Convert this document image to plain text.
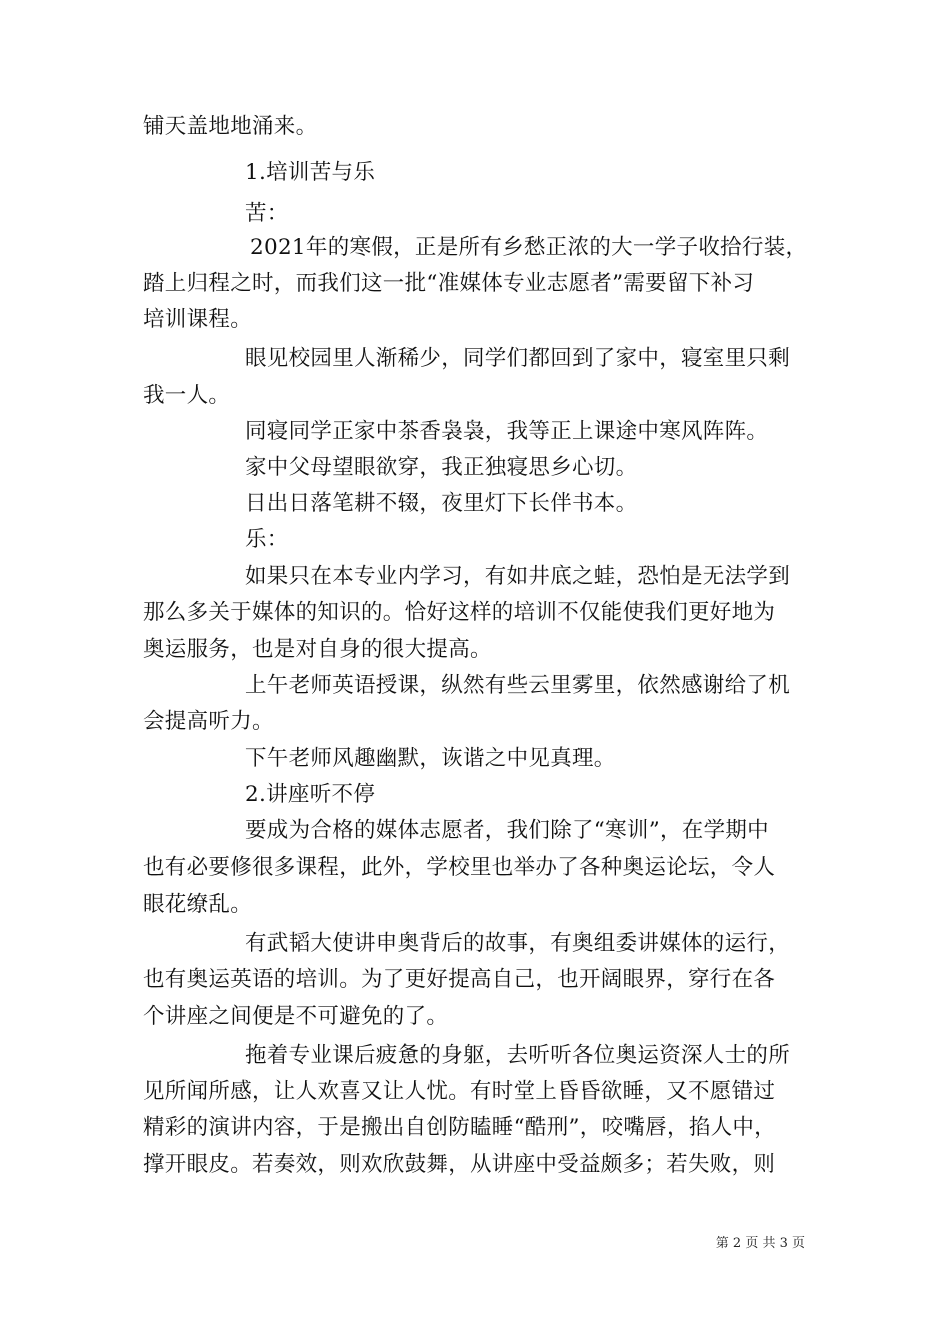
铺天盖地地涌来。
1.培训苦与乐
苦：
2021年的寒假，正是所有乡愁正浓的大一学子收拾行装，
踏上归程之时，而我们这一批“准媒体专业志愿者”需要留下补习
培训课程。
眼见校园里人渐稀少，同学们都回到了家中，寝室里只剩
我一人。
同寝同学正家中茶香袅袅，我等正上课途中寒风阵阵。
家中父母望眼欲穿，我正独寝思乡心切。
日出日落笔耕不辍，夜里灯下长伴书本。
乐：
如果只在本专业内学习，有如井底之蛙，恐怕是无法学到
那么多关于媒体的知识的。恰好这样的培训不仅能使我们更好地为
奥运服务，也是对自身的很大提高。
上午老师英语授课，纵然有些云里雾里，依然感谢给了机
会提高听力。
下午老师风趣幽默，诙谐之中见真理。
2.讲座听不停
要成为合格的媒体志愿者，我们除了“寒训”，在学期中
也有必要修很多课程，此外，学校里也举办了各种奥运论坛，令人
眼花缭乱。
有武韬大使讲申奥背后的故事，有奥组委讲媒体的运行，
也有奥运英语的培训。为了更好提高自己，也开阔眼界，穿行在各
个讲座之间便是不可避免的了。
拖着专业课后疲惫的身躯，去听听各位奥运资深人士的所
见所闻所感，让人欢喜又让人忧。有时堂上昏昏欲睡，又不愿错过
精彩的演讲内容，于是搬出自创防瞌睡“酷刑”，咬嘴唇，掐人中，
撑开眼皮。若奏效，则欢欣鼓舞，从讲座中受益颇多；若失败，则
第 2 页 共 3 页
